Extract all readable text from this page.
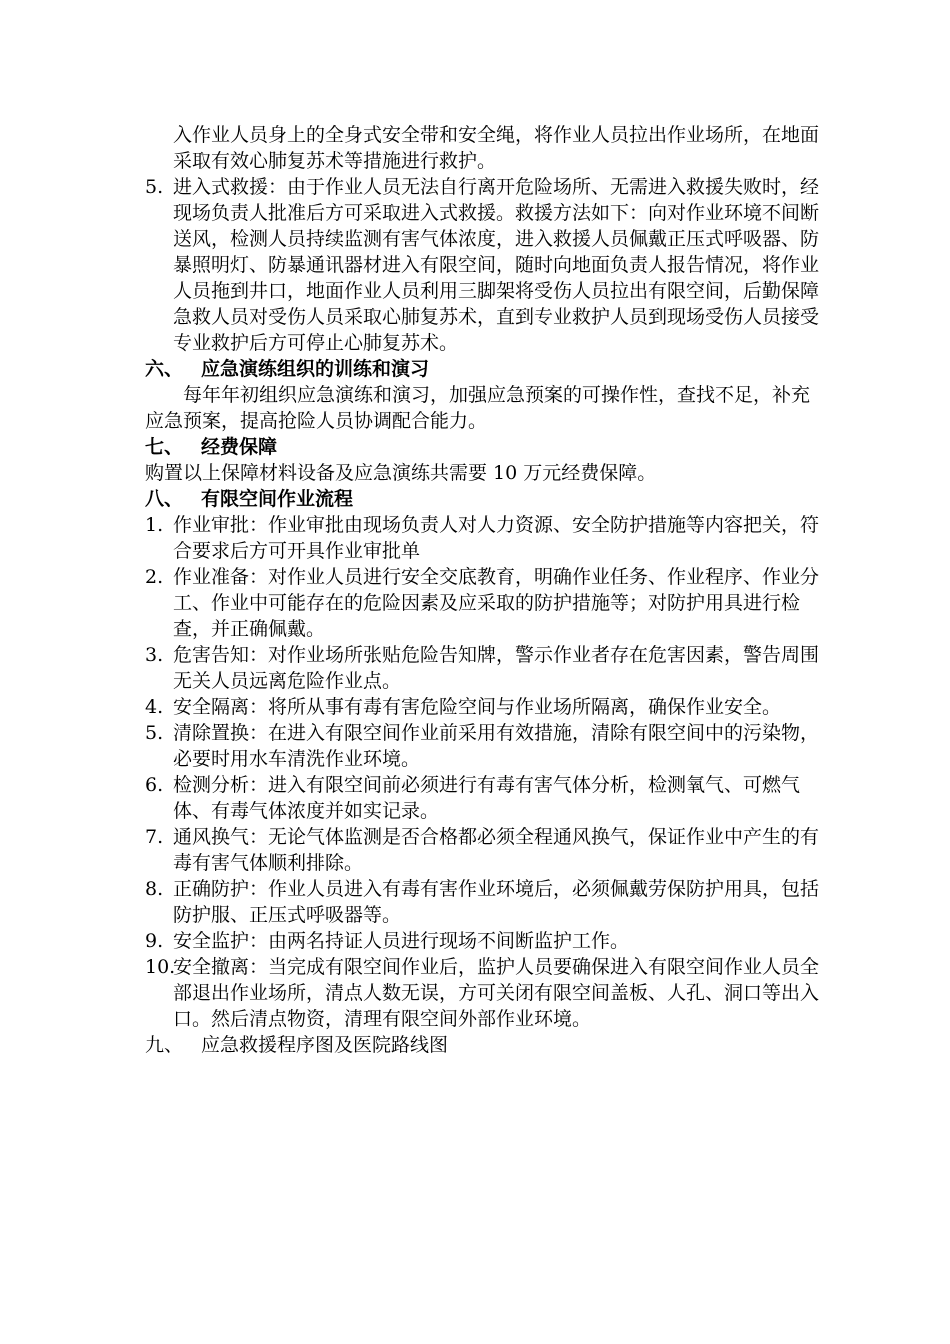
入作业人员身上的全身式安全带和安全绳，将作业人员拉出作业场所，在地面采取有效心肺复苏术等措施进行救护。

5. 进入式救援：由于作业人员无法自行离开危险场所、无需进入救援失败时，经现场负责人批准后方可采取进入式救援。救援方法如下：向对作业环境不间断送风，检测人员持续监测有害气体浓度，进入救援人员佩戴正压式呼吸器、防暴照明灯、防暴通讯器材进入有限空间，随时向地面负责人报告情况，将作业人员拖到井口，地面作业人员利用三脚架将受伤人员拉出有限空间，后勤保障急救人员对受伤人员采取心肺复苏术，直到专业救护人员到现场受伤人员接受专业救护后方可停止心肺复苏术。
六、 应急演练组织的训练和演习

每年年初组织应急演练和演习，加强应急预案的可操作性，查找不足，补充应急预案，提高抢险人员协调配合能力。

七、 经费保障

购置以上保障材料设备及应急演练共需要 10 万元经费保障。

八、 有限空间作业流程
1. 作业审批：作业审批由现场负责人对人力资源、安全防护措施等内容把关，符合要求后方可开具作业审批单
2. 作业准备：对作业人员进行安全交底教育，明确作业任务、作业程序、作业分工、作业中可能存在的危险因素及应采取的防护措施等；对防护用具进行检查，并正确佩戴。
3. 危害告知：对作业场所张贴危险告知牌，警示作业者存在危害因素，警告周围无关人员远离危险作业点。
4. 安全隔离：将所从事有毒有害危险空间与作业场所隔离，确保作业安全。
5. 清除置换：在进入有限空间作业前采用有效措施，清除有限空间中的污染物，必要时用水车清洗作业环境。
6. 检测分析：进入有限空间前必须进行有毒有害气体分析，检测氧气、可燃气体、有毒气体浓度并如实记录。
7. 通风换气：无论气体监测是否合格都必须全程通风换气，保证作业中产生的有毒有害气体顺利排除。
8. 正确防护：作业人员进入有毒有害作业环境后，必须佩戴劳保防护用具，包括防护服、正压式呼吸器等。
9. 安全监护：由两名持证人员进行现场不间断监护工作。
10.
安全撤离：当完成有限空间作业后，监护人员要确保进入有限空间作业人员全部退出作业场所，清点人数无误，方可关闭有限空间盖板、人孔、洞口等出入口。然后清点物资，清理有限空间外部作业环境。
九、 应急救援程序图及医院路线图
